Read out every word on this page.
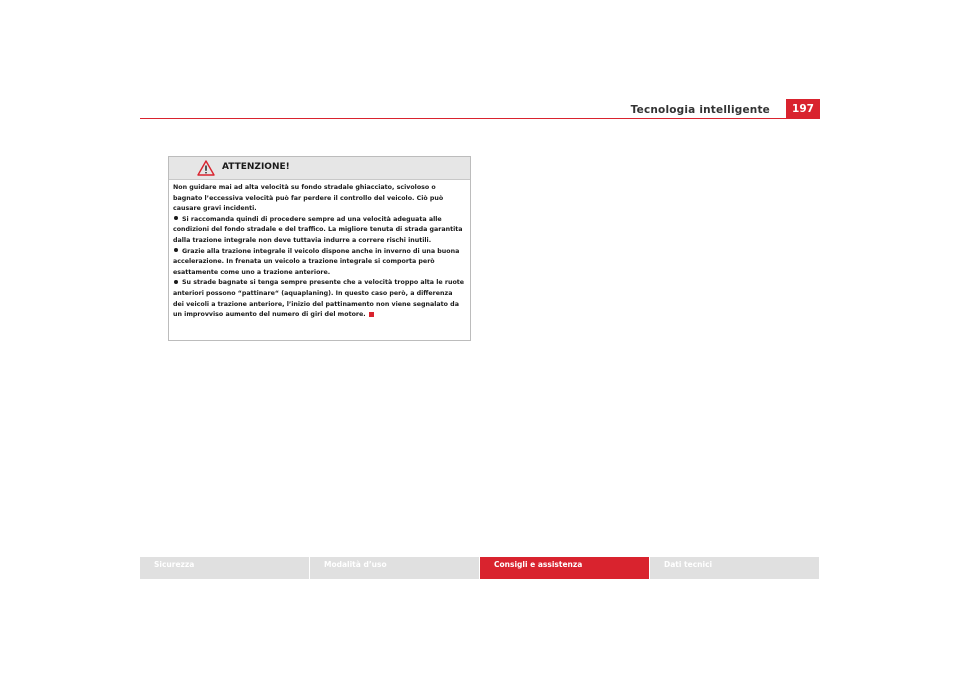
Tecnologia intelligente	197
ATTENZIONE!

Non guidare mai ad alta velocità su fondo stradale ghiacciato, scivoloso o bagnato l’eccessiva velocità può far perdere il controllo del veicolo. Ciò può causare gravi incidenti.

Si raccomanda quindi di procedere sempre ad una velocità adeguata alle condizioni del fondo stradale e del traffico. La migliore tenuta di strada garantita dalla trazione integrale non deve tuttavia indurre a correre rischi inutili.

Grazie alla trazione integrale il veicolo dispone anche in inverno di una buona accelerazione. In frenata un veicolo a trazione integrale si comporta però esattamente come uno a trazione anteriore.

Su strade bagnate si tenga sempre presente che a velocità troppo alta le ruote anteriori possono “pattinare“ (aquaplaning). In questo caso però, a differenza dei veicoli a trazione anteriore, l’inizio del pattinamento non viene segnalato da un improvviso aumento del numero di giri del motore.

Sicurezza	Modalità d’uso	Consigli e assistenza	Dati tecnici
